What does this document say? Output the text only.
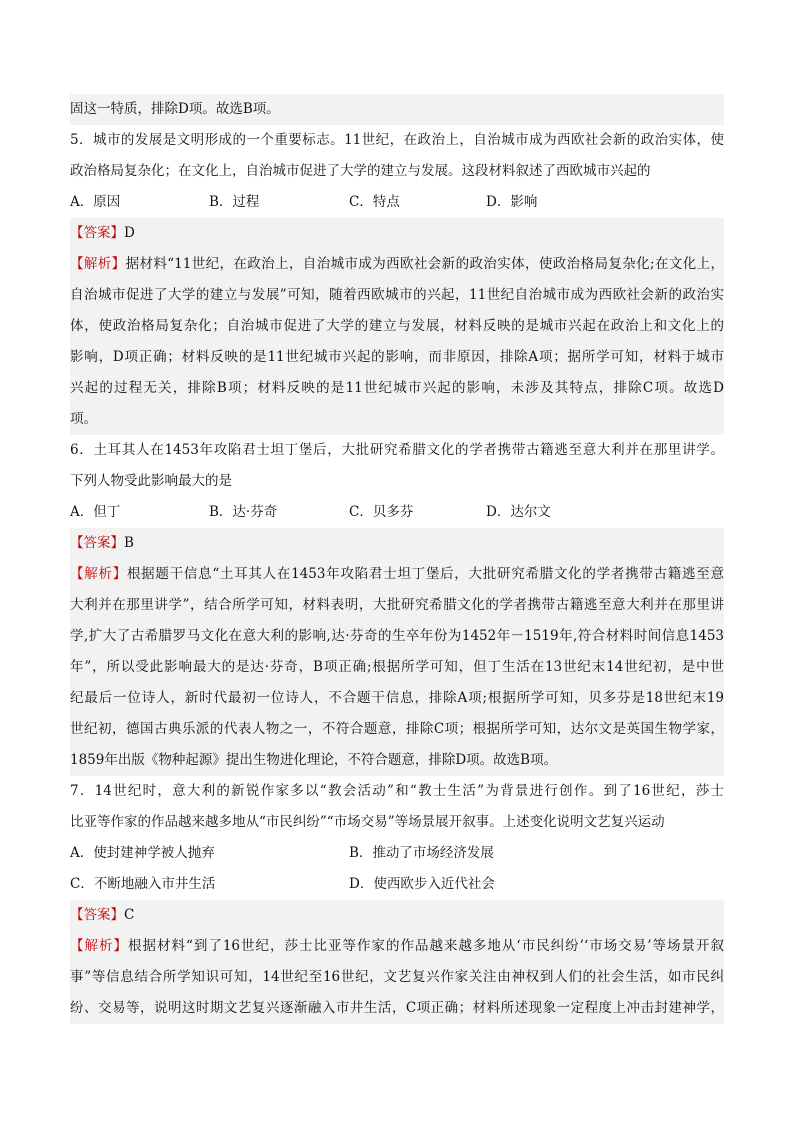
固这一特质，排除D项。故选B项。
5．城市的发展是文明形成的一个重要标志。11世纪，在政治上，自治城市成为西欧社会新的政治实体，使
政治格局复杂化；在文化上，自治城市促进了大学的建立与发展。这段材料叙述了西欧城市兴起的
A．原因	B．过程	C．特点	D．影响
【答案】D
【解析】据材料“11世纪，在政治上，自治城市成为西欧社会新的政治实体，使政治格局复杂化;在文化上，
自治城市促进了大学的建立与发展”可知，随着西欧城市的兴起，11世纪自治城市成为西欧社会新的政治实
体，使政治格局复杂化；自治城市促进了大学的建立与发展，材料反映的是城市兴起在政治上和文化上的
影响，D项正确；材料反映的是11世纪城市兴起的影响，而非原因，排除A项；据所学可知，材料于城市
兴起的过程无关，排除B项；材料反映的是11世纪城市兴起的影响，未涉及其特点，排除C项。故选D
项。
6．土耳其人在1453年攻陷君士坦丁堡后，大批研究希腊文化的学者携带古籍逃至意大利并在那里讲学。
下列人物受此影响最大的是
A．但丁	B．达·芬奇	C．贝多芬	D．达尔文
【答案】B
【解析】根据题干信息“土耳其人在1453年攻陷君士坦丁堡后，大批研究希腊文化的学者携带古籍逃至意
大利并在那里讲学”，结合所学可知，材料表明，大批研究希腊文化的学者携带古籍逃至意大利并在那里讲
学,扩大了古希腊罗马文化在意大利的影响,达·芬奇的生卒年份为1452年－1519年,符合材料时间信息1453
年”，所以受此影响最大的是达·芬奇，B项正确;根据所学可知，但丁生活在13世纪末14世纪初，是中世
纪最后一位诗人，新时代最初一位诗人，不合题干信息，排除A项;根据所学可知，贝多芬是18世纪末19
世纪初，德国古典乐派的代表人物之一，不符合题意，排除C项；根据所学可知，达尔文是英国生物学家，
1859年出版《物种起源》提出生物进化理论，不符合题意，排除D项。故选B项。
7．14世纪时，意大利的新锐作家多以“教会活动”和“教士生活”为背景进行创作。到了16世纪，莎士
比亚等作家的作品越来越多地从“市民纠纷”“市场交易”等场景展开叙事。上述变化说明文艺复兴运动
A．使封建神学被人抛弃	B．推动了市场经济发展
C．不断地融入市井生活	D．使西欧步入近代社会
【答案】C
【解析】根据材料“到了16世纪，莎士比亚等作家的作品越来越多地从‘市民纠纷’‘市场交易’等场景开叙
事”等信息结合所学知识可知，14世纪至16世纪，文艺复兴作家关注由神权到人们的社会生活，如市民纠
纷、交易等，说明这时期文艺复兴逐渐融入市井生活，C项正确；材料所述现象一定程度上冲击封建神学，
